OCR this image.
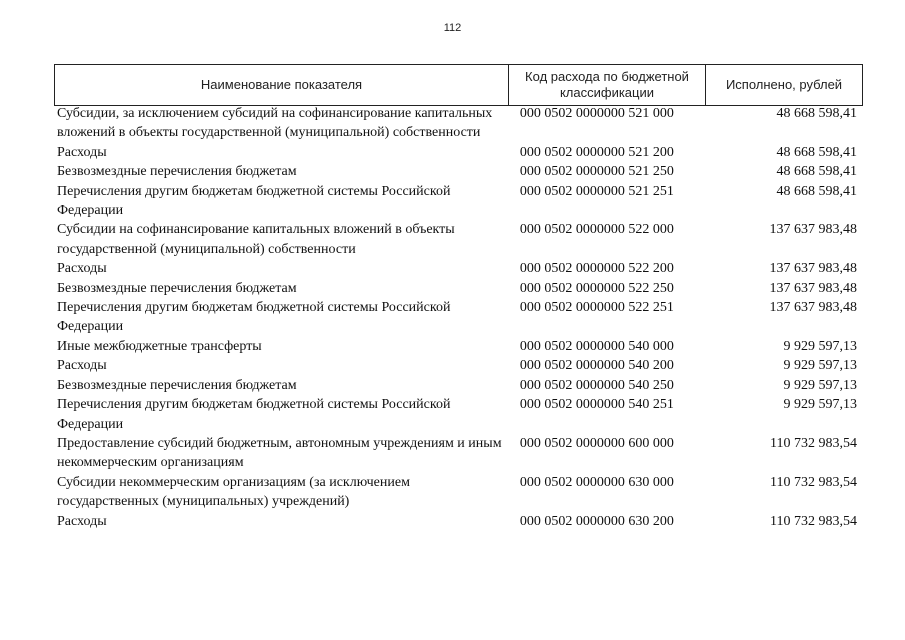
112
Наименование показателя
Код расхода по бюджетной классификации
Исполнено, рублей
Субсидии, за исключением субсидий на софинансирование капитальных вложений в объекты государственной (муниципальной) собственности
000 0502 0000000 521 000	48 668 598,41
Расходы	000 0502 0000000 521 200	48 668 598,41
Безвозмездные перечисления бюджетам	000 0502 0000000 521 250	48 668 598,41
Перечисления другим бюджетам бюджетной системы Российской Федерации
000 0502 0000000 521 251	48 668 598,41
Субсидии на софинансирование капитальных вложений в объекты государственной (муниципальной) собственности
000 0502 0000000 522 000	137 637 983,48
Расходы	000 0502 0000000 522 200	137 637 983,48
Безвозмездные перечисления бюджетам	000 0502 0000000 522 250	137 637 983,48
Перечисления другим бюджетам бюджетной системы Российской Федерации
000 0502 0000000 522 251	137 637 983,48
Иные межбюджетные трансферты	000 0502 0000000 540 000	9 929 597,13
Расходы	000 0502 0000000 540 200	9 929 597,13
Безвозмездные перечисления бюджетам	000 0502 0000000 540 250	9 929 597,13
Перечисления другим бюджетам бюджетной системы Российской Федерации
000 0502 0000000 540 251	9 929 597,13
Предоставление субсидий бюджетным, автономным учреждениям и иным некоммерческим организациям
000 0502 0000000 600 000	110 732 983,54
Субсидии некоммерческим организациям (за исключением государственных (муниципальных) учреждений)
000 0502 0000000 630 000	110 732 983,54
Расходы	000 0502 0000000 630 200	110 732 983,54
